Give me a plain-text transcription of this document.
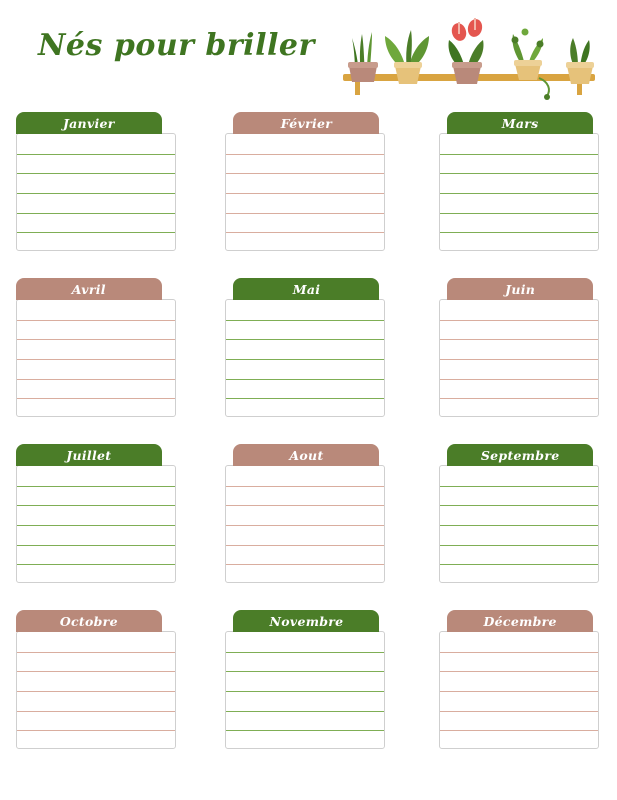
Nés pour briller
Janvier	Février	Mars
Avril	Mai	Juin
Juillet	Aout	Septembre
Octobre	Novembre	Décembre
